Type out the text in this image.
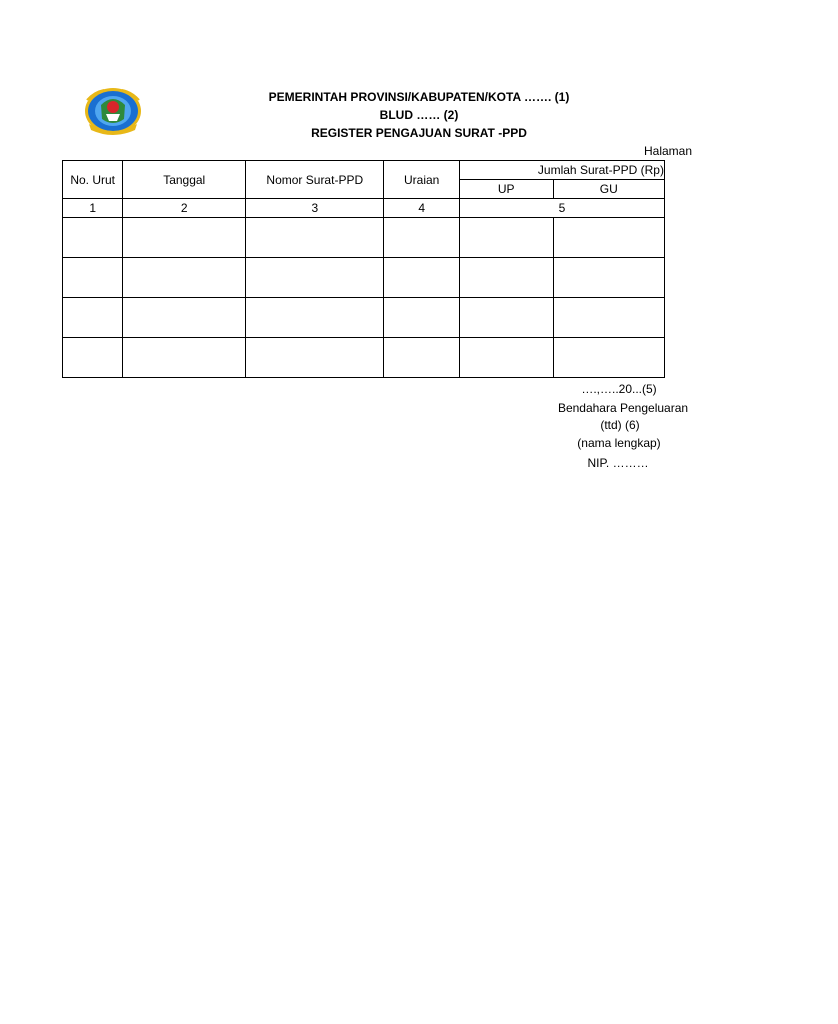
PEMERINTAH PROVINSI/KABUPATEN/KOTA ……. (1)
BLUD …… (2)
REGISTER PENGAJUAN SURAT -PPD
Halaman
No. Urut	Tanggal	Nomor Surat-PPD	Uraian	Jumlah Surat-PPD (Rp)	
				UP	GU
1	2	3	4	5	

….,…..20...(5)
Bendahara Pengeluaran
(ttd) (6)
(nama lengkap)
NIP. ………
